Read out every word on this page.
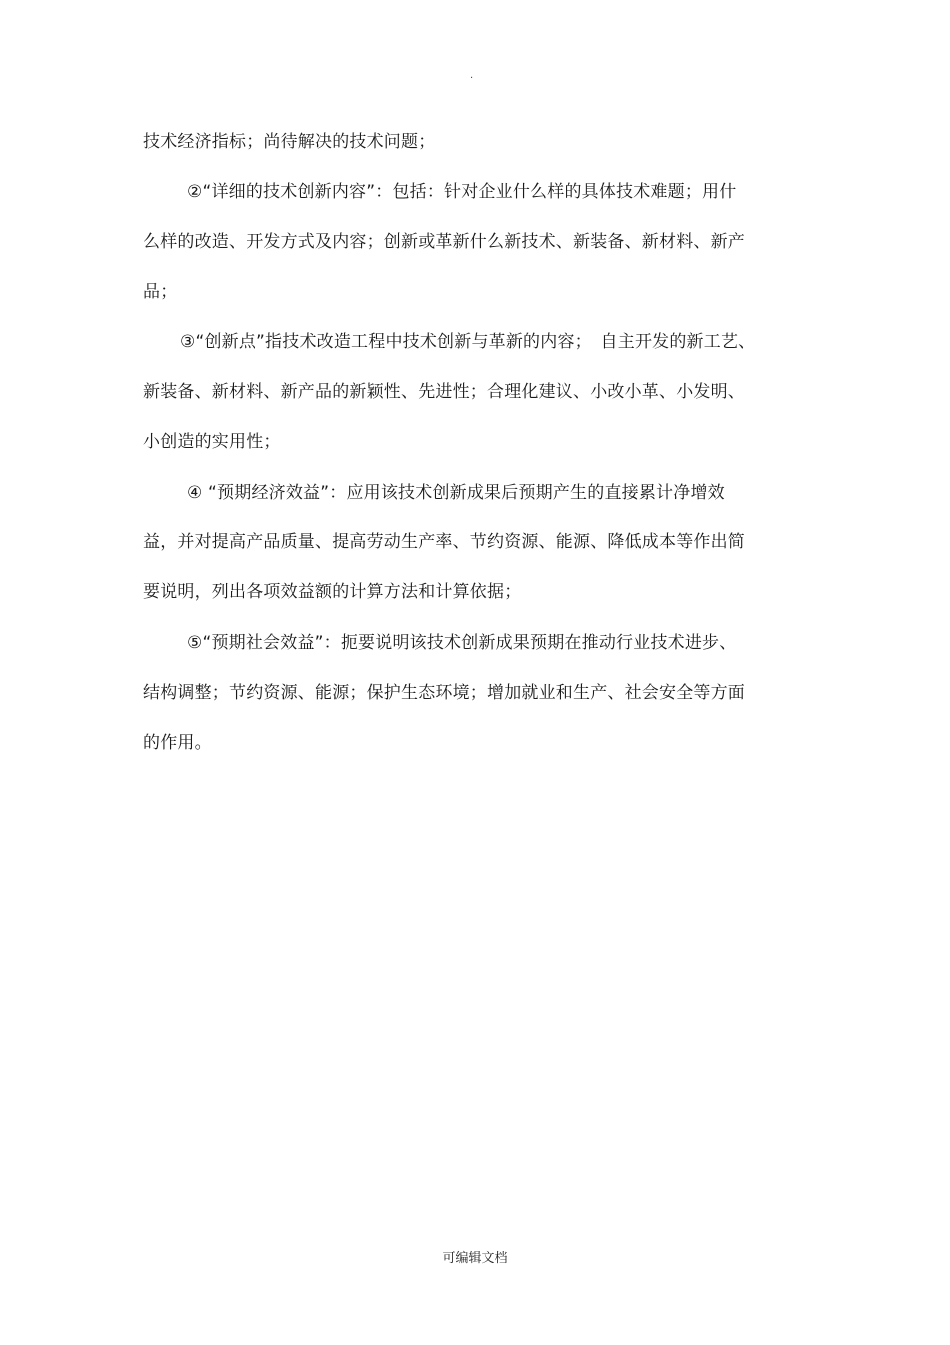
.
技术经济指标；尚待解决的技术问题；
②“详细的技术创新内容”：包括：针对企业什么样的具体技术难题；用什
么样的改造、开发方式及内容；创新或革新什么新技术、新装备、新材料、新产
品；
③“创新点”指技术改造工程中技术创新与革新的内容；　自主开发的新工艺、
新装备、新材料、新产品的新颖性、先进性；合理化建议、小改小革、小发明、
小创造的实用性；
④ “预期经济效益”：应用该技术创新成果后预期产生的直接累计净增效
益，并对提高产品质量、提高劳动生产率、节约资源、能源、降低成本等作出简
要说明，列出各项效益额的计算方法和计算依据；
⑤“预期社会效益”：扼要说明该技术创新成果预期在推动行业技术进步、
结构调整；节约资源、能源；保护生态环境；增加就业和生产、社会安全等方面
的作用。
可编辑文档
